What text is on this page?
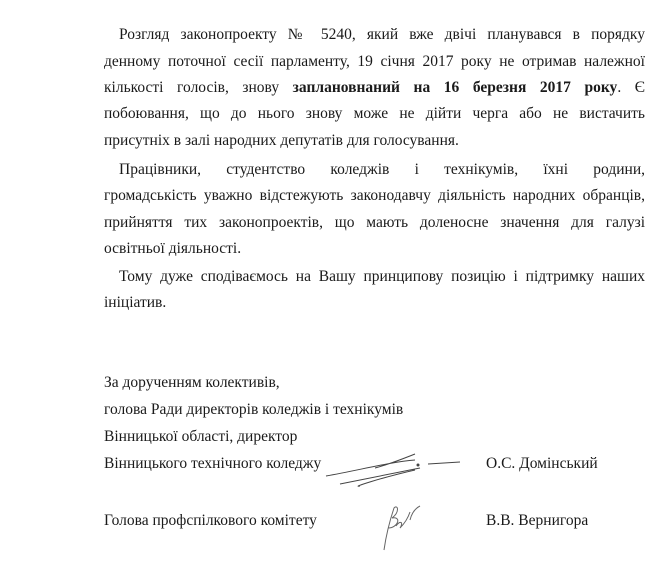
Розгляд законопроекту № 5240, який вже двічі планувався в порядку
денному поточної сесії парламенту, 19 січня 2017 року не отримав належної
кількості голосів, знову заплановнаний на 16 березня 2017 року. Є
побоювання, що до нього знову може не дійти черга або не вистачить
присутніх в залі народних депутатів для голосування.
Працівники, студентство коледжів і технікумів, їхні родини,
громадськість уважно відстежують законодавчу діяльність народних обранців,
прийняття тих законопроектів, що мають доленосне значення для галузі
освітньої діяльності.
Тому дуже сподіваємось на Вашу принципову позицію і підтримку наших
ініціатив.
За дорученням колективів,
голова Ради директорів коледжів і технікумів
Вінницької області, директор
Вінницького технічного коледжу	О.С. Домінський
Голова профспілкового комітету	В.В. Вернигора
